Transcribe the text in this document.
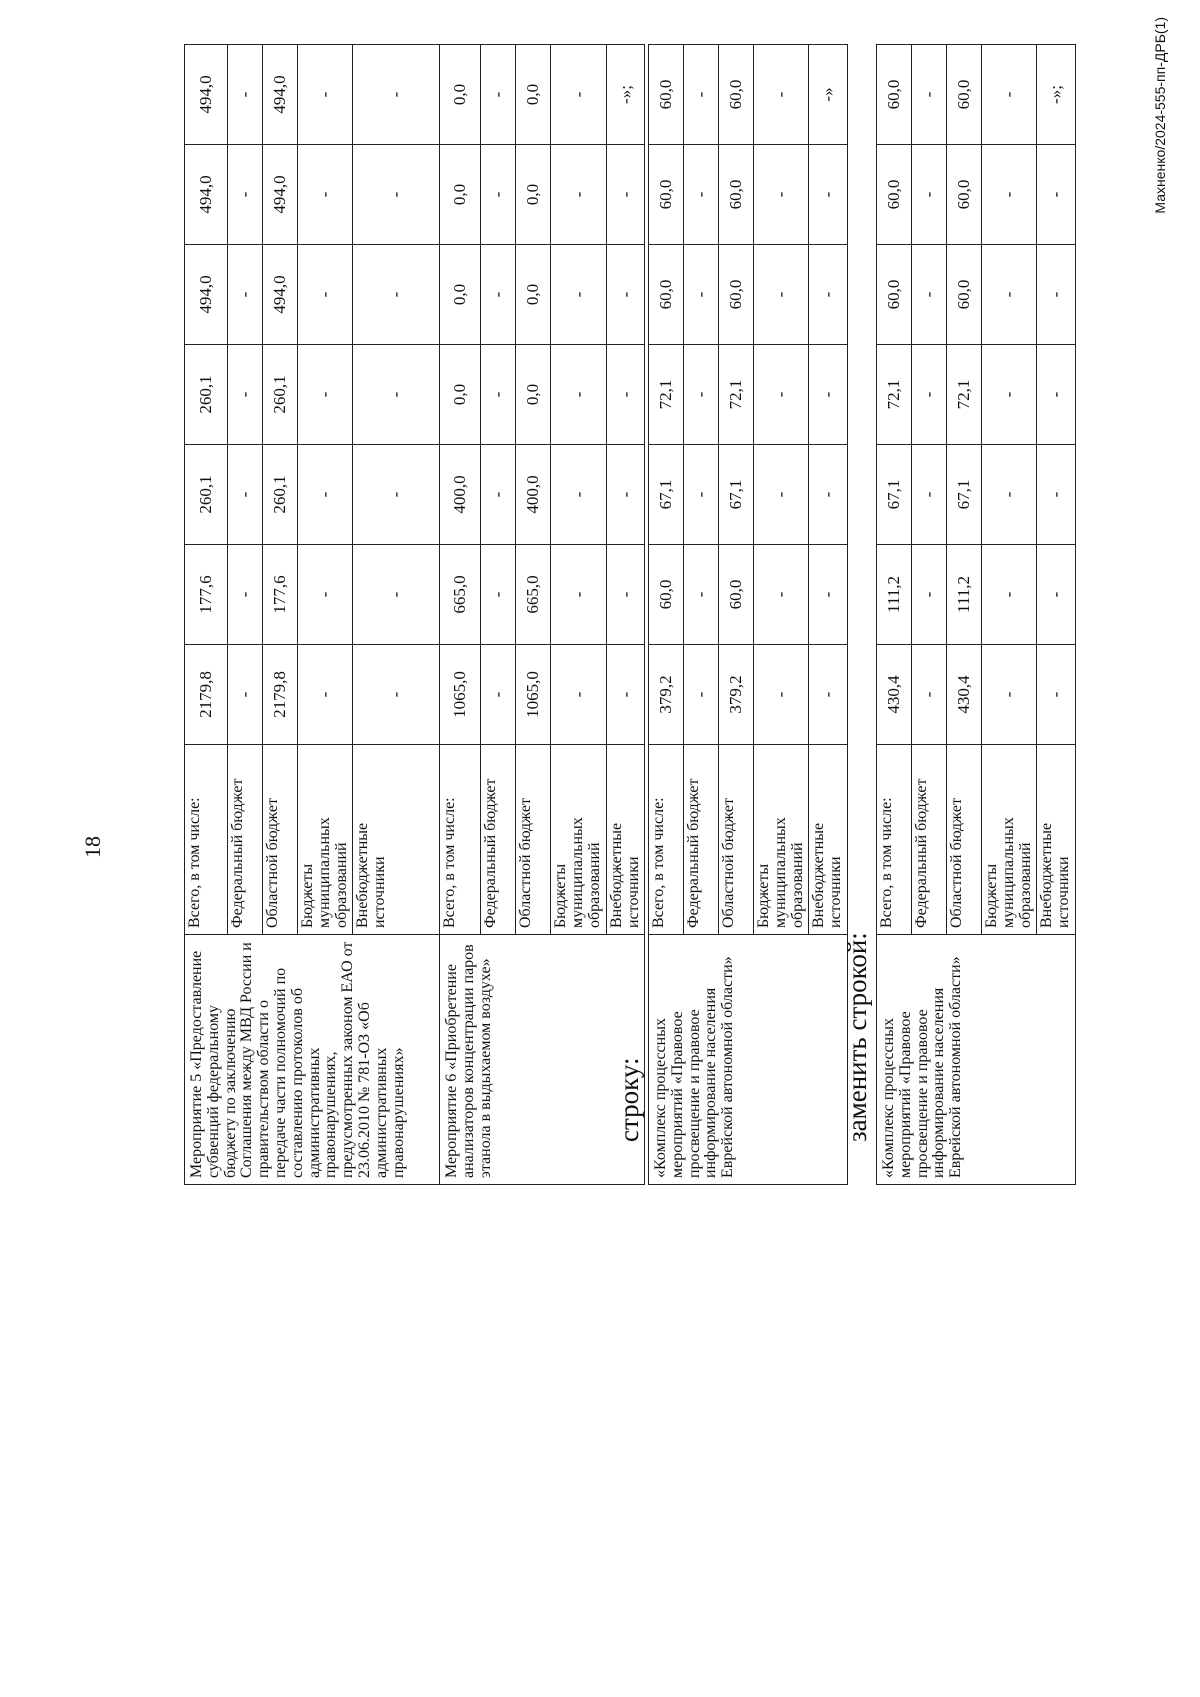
18
Мероприятие 5 «Предоставление субвенций федеральному бюджету по заключению Соглашения между МВД России и правительством области о передаче части полномочий по составлению протоколов об административных правонарушениях, предусмотренных законом ЕАО от 23.06.2010 № 781-ОЗ «Об административных правонарушениях»	Всего, в том числе:	2179,8	177,6	260,1	260,1	494,0	494,0	494,0
	Федеральный бюджет	-	-	-	-	-	-	-
	Областной бюджет	2179,8	177,6	260,1	260,1	494,0	494,0	494,0
	Бюджеты муниципальных образований	-	-	-	-	-	-	-
	Внебюджетные источники	-	-	-	-	-	-	-
Мероприятие 6 «Приобретение анализаторов концентрации паров этанола в выдыхаемом воздухе»	Всего, в том числе:	1065,0	665,0	400,0	0,0	0,0	0,0	0,0
	Федеральный бюджет	-	-	-	-	-	-	-
	Областной бюджет	1065,0	665,0	400,0	0,0	0,0	0,0	0,0
	Бюджеты муниципальных образований	-	-	-	-	-	-	-
	Внебюджетные источники	-	-	-	-	-	-	-»;
строку: «Комплекс процессных мероприятий «Правовое просвещение и правовое информирование населения Еврейской автономной области»	Всего, в том числе:	379,2	60,0	67,1	72,1	60,0	60,0	60,0
	Федеральный бюджет	-	-	-	-	-	-	-
	Областной бюджет	379,2	60,0	67,1	72,1	60,0	60,0	60,0
	Бюджеты муниципальных образований	-	-	-	-	-	-	-
	Внебюджетные источники	-	-	-	-	-	-	-»
заменить строкой: «Комплекс процессных мероприятий «Правовое просвещение и правовое информирование населения Еврейской автономной области»	Всего, в том числе:	430,4	111,2	67,1	72,1	60,0	60,0	60,0
	Федеральный бюджет	-	-	-	-	-	-	-
	Областной бюджет	430,4	111,2	67,1	72,1	60,0	60,0	60,0
	Бюджеты муниципальных образований	-	-	-	-	-	-	-
	Внебюджетные источники	-	-	-	-	-	-	-»;	Махненко/2024-555-пп-ДРБ(1)
